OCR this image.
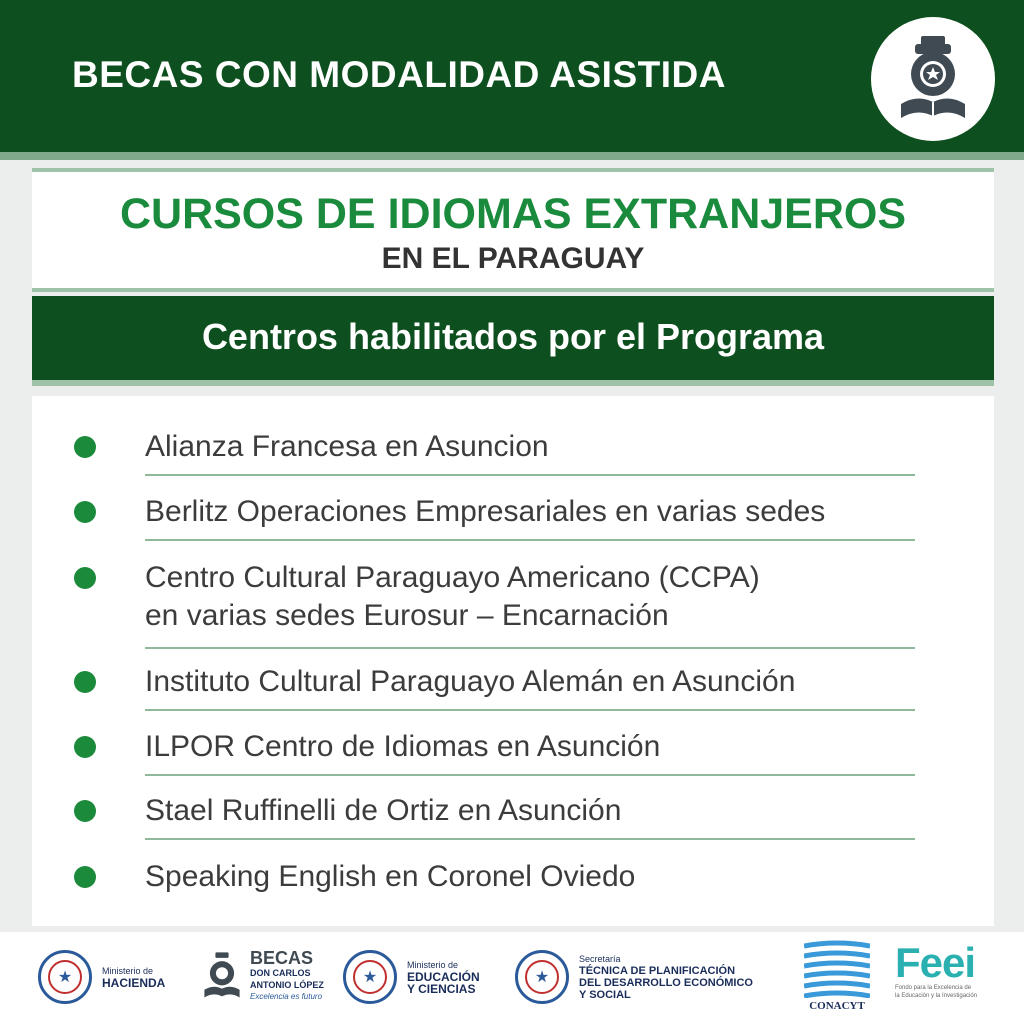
BECAS CON MODALIDAD ASISTIDA
CURSOS DE IDIOMAS EXTRANJEROS
EN EL PARAGUAY
Centros habilitados por el Programa
Alianza Francesa en Asuncion
Berlitz Operaciones Empresariales en varias sedes
Centro Cultural Paraguayo Americano (CCPA)
en varias sedes Eurosur – Encarnación
Instituto Cultural Paraguayo Alemán en Asunción
ILPOR Centro de Idiomas en Asunción
Stael Ruffinelli de Ortiz en Asunción
Speaking English en Coronel Oviedo
★	Ministerio de
HACIENDA
BECAS
DON CARLOS
ANTONIO LÓPEZ
Excelencia es futuro
★
Ministerio de
EDUCACIÓN
Y CIENCIAS
★
Secretaría
TÉCNICA DE PLANIFICACIÓN
DEL DESARROLLO ECONÓMICO
Y SOCIAL
CONACYT
Feei
Fondo para la Excelencia de
la Educación y la Investigación
